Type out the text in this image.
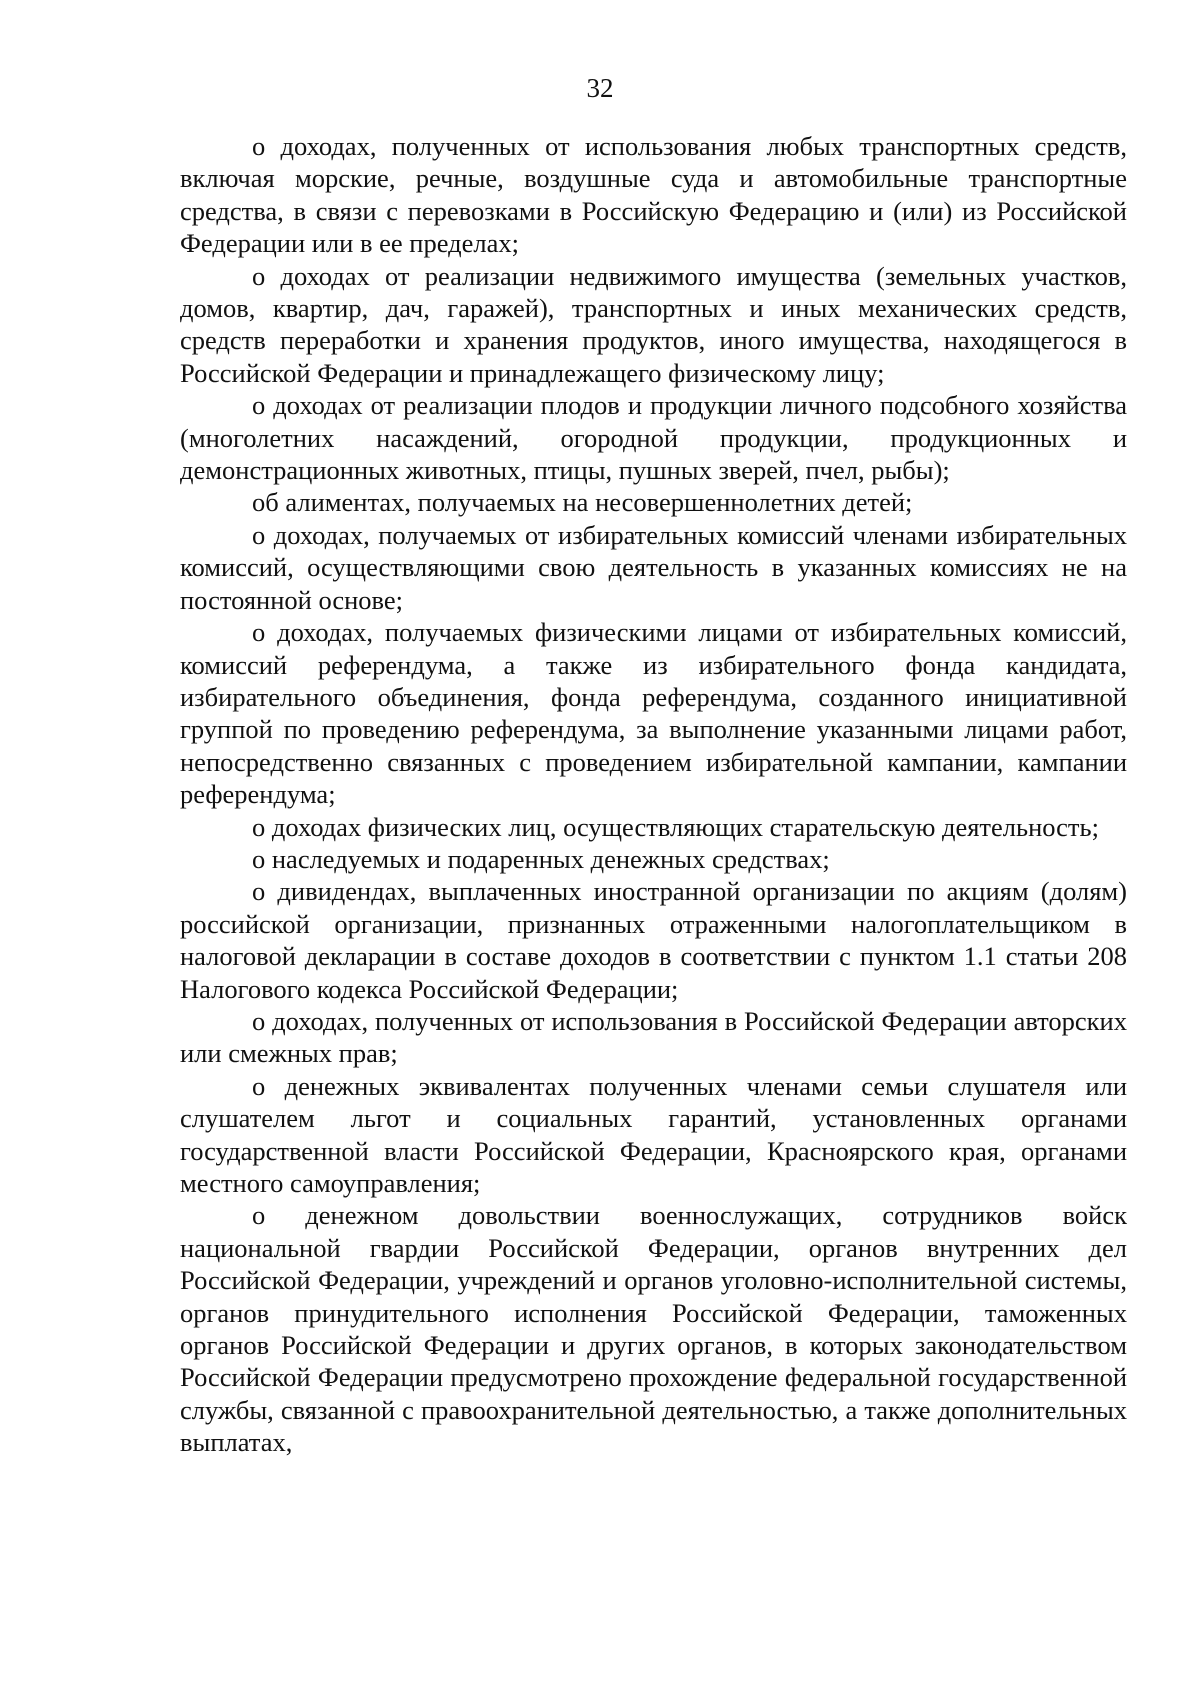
32

о доходах, полученных от использования любых транспортных средств, включая морские, речные, воздушные суда и автомобильные транспортные средства, в связи с перевозками в Российскую Федерацию и (или) из Российской Федерации или в ее пределах;

о доходах от реализации недвижимого имущества (земельных участков, домов, квартир, дач, гаражей), транспортных и иных механических средств, средств переработки и хранения продуктов, иного имущества, находящегося в Российской Федерации и принадлежащего физическому лицу;

о доходах от реализации плодов и продукции личного подсобного хозяйства (многолетних насаждений, огородной продукции, продукционных и демонстрационных животных, птицы, пушных зверей, пчел, рыбы);

об алиментах, получаемых на несовершеннолетних детей;

о доходах, получаемых от избирательных комиссий членами избирательных комиссий, осуществляющими свою деятельность в указанных комиссиях не на постоянной основе;

о доходах, получаемых физическими лицами от избирательных комиссий, комиссий референдума, а также из избирательного фонда кандидата, избирательного объединения, фонда референдума, созданного инициативной группой по проведению референдума, за выполнение указанными лицами работ, непосредственно связанных с проведением избирательной кампании, кампании референдума;

о доходах физических лиц, осуществляющих старательскую деятельность;

о наследуемых и подаренных денежных средствах;

о дивидендах, выплаченных иностранной организации по акциям (долям) российской организации, признанных отраженными налогоплательщиком в налоговой декларации в составе доходов в соответствии с пунктом 1.1 статьи 208 Налогового кодекса Российской Федерации;

о доходах, полученных от использования в Российской Федерации авторских или смежных прав;

о денежных эквивалентах полученных членами семьи слушателя или слушателем льгот и социальных гарантий, установленных органами государственной власти Российской Федерации, Красноярского края, органами местного самоуправления;

о денежном довольствии военнослужащих, сотрудников войск национальной гвардии Российской Федерации, органов внутренних дел Российской Федерации, учреждений и органов уголовно-исполнительной системы, органов принудительного исполнения Российской Федерации, таможенных органов Российской Федерации и других органов, в которых законодательством Российской Федерации предусмотрено прохождение федеральной государственной службы, связанной с правоохранительной деятельностью, а также дополнительных выплатах,
